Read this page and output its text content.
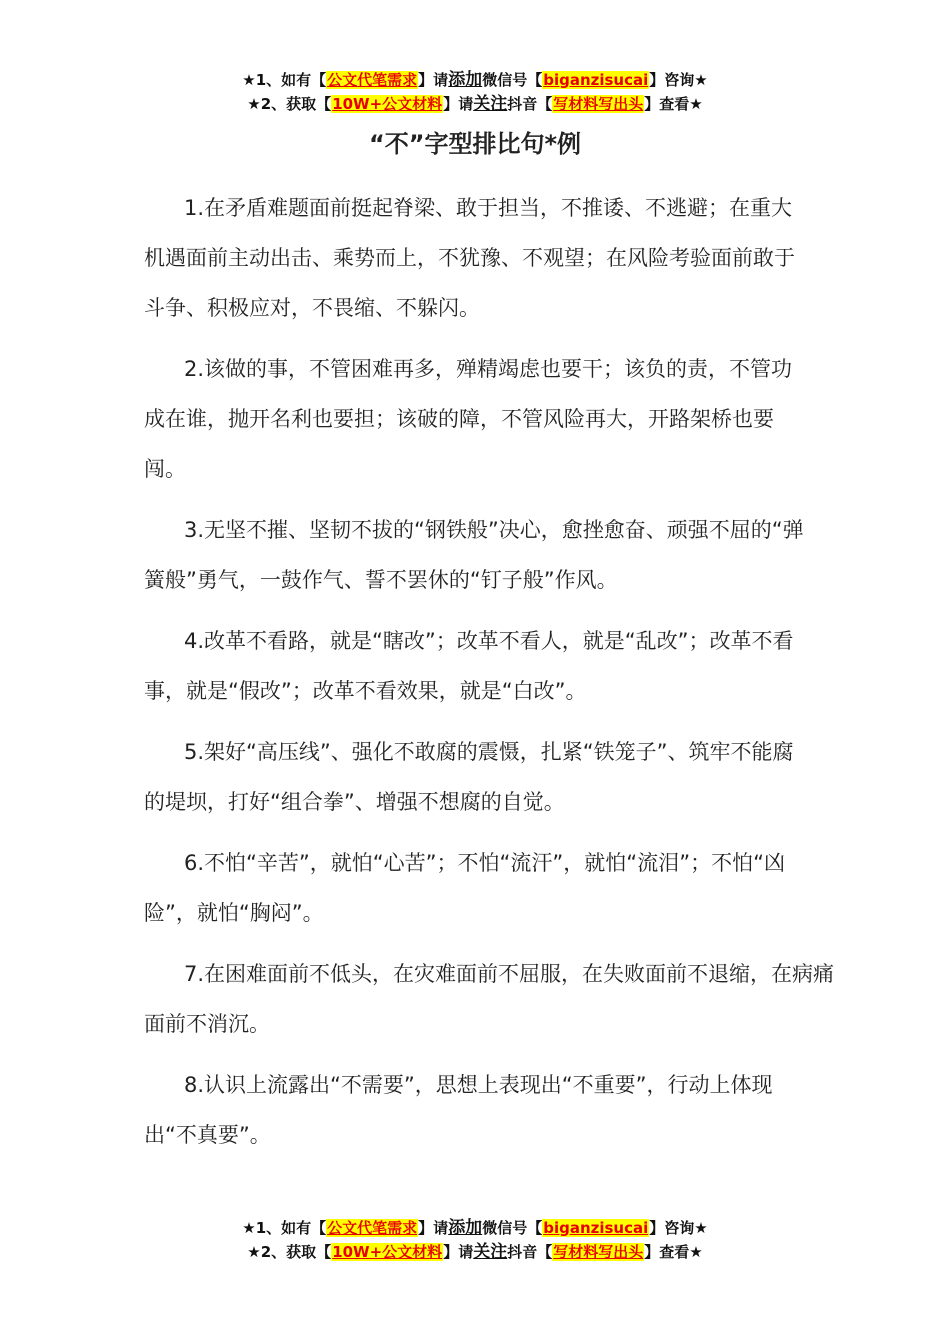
★1、如有【公文代笔需求】请添加微信号【biganzisucai】咨询★
★2、获取【10W+公文材料】请关注抖音【写材料写出头】查看★
“不”字型排比句*例

1.在矛盾难题面前挺起脊梁、敢于担当，不推诿、不逃避；在重大机遇面前主动出击、乘势而上，不犹豫、不观望；在风险考验面前敢于斗争、积极应对，不畏缩、不躲闪。

2.该做的事，不管困难再多，殚精竭虑也要干；该负的责，不管功成在谁，抛开名利也要担；该破的障，不管风险再大，开路架桥也要闯。

3.无坚不摧、坚韧不拔的“钢铁般”决心，愈挫愈奋、顽强不屈的“弹簧般”勇气，一鼓作气、誓不罢休的“钉子般”作风。

4.改革不看路，就是“瞎改”；改革不看人，就是“乱改”；改革不看事，就是“假改”；改革不看效果，就是“白改”。

5.架好“高压线”、强化不敢腐的震慑，扎紧“铁笼子”、筑牢不能腐的堤坝，打好“组合拳”、增强不想腐的自觉。

6.不怕“辛苦”，就怕“心苦”；不怕“流汗”，就怕“流泪”；不怕“凶险”，就怕“胸闷”。

7.在困难面前不低头，在灾难面前不屈服，在失败面前不退缩，在病痛面前不消沉。

8.认识上流露出“不需要”，思想上表现出“不重要”，行动上体现出“不真要”。

★1、如有【公文代笔需求】请添加微信号【biganzisucai】咨询★
★2、获取【10W+公文材料】请关注抖音【写材料写出头】查看★
